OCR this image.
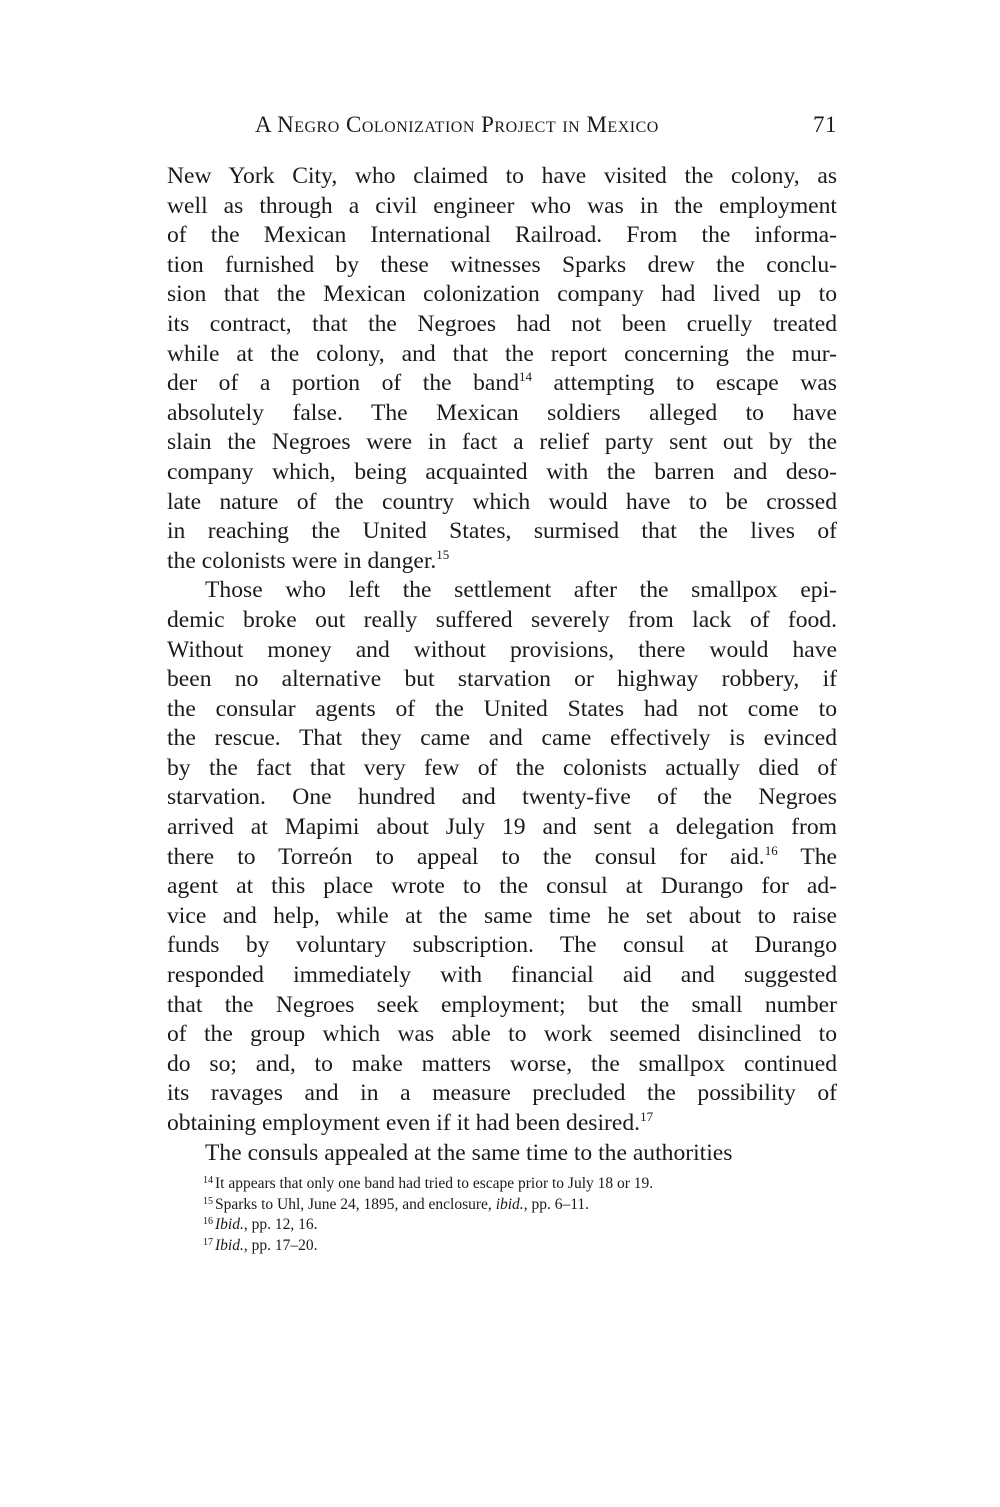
A Negro Colonization Project in Mexico	71
New York City, who claimed to have visited the colony, as
well as through a civil engineer who was in the employment
of the Mexican International Railroad. From the informa-
tion furnished by these witnesses Sparks drew the conclu-
sion that the Mexican colonization company had lived up to
its contract, that the Negroes had not been cruelly treated
while at the colony, and that the report concerning the mur-
der of a portion of the band$^{14}$ attempting to escape was
absolutely false. The Mexican soldiers alleged to have
slain the Negroes were in fact a relief party sent out by the
company which, being acquainted with the barren and deso-
late nature of the country which would have to be crossed
in reaching the United States, surmised that the lives of
the colonists were in danger.$^{15}$
Those who left the settlement after the smallpox epi-
demic broke out really suffered severely from lack of food.
Without money and without provisions, there would have
been no alternative but starvation or highway robbery, if
the consular agents of the United States had not come to
the rescue. That they came and came effectively is evinced
by the fact that very few of the colonists actually died of
starvation. One hundred and twenty-five of the Negroes
arrived at Mapimi about July 19 and sent a delegation from
there to Torreón to appeal to the consul for aid.$^{16}$ The
agent at this place wrote to the consul at Durango for ad-
vice and help, while at the same time he set about to raise
funds by voluntary subscription. The consul at Durango
responded immediately with financial aid and suggested
that the Negroes seek employment; but the small number
of the group which was able to work seemed disinclined to
do so; and, to make matters worse, the smallpox continued
its ravages and in a measure precluded the possibility of
obtaining employment even if it had been desired.$^{17}$
The consuls appealed at the same time to the authorities
$^{14}$ It appears that only one band had tried to escape prior to July 18 or 19.
$^{15}$ Sparks to Uhl, June 24, 1895, and enclosure, ibid., pp. 6–11.
$^{16}$ Ibid., pp. 12, 16.
$^{17}$ Ibid., pp. 17–20.
